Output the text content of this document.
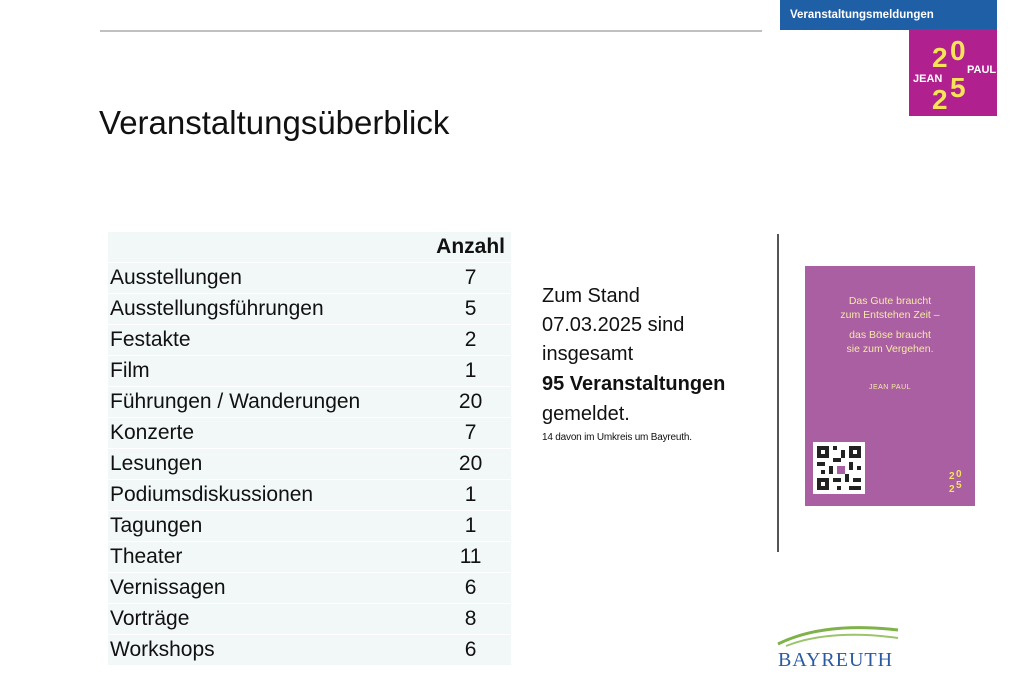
Veranstaltungsmeldungen
2 0
2 5
JEAN
PAUL
Veranstaltungsüberblick
	Anzahl
Ausstellungen	7
Ausstellungsführungen	5
Festakte	2
Film	1
Führungen / Wanderungen	20
Konzerte	7
Lesungen	20
Podiumsdiskussionen	1
Tagungen	1
Theater	11
Vernissagen	6
Vorträge	8
Workshops	6
Zum Stand
07.03.2025 sind
insgesamt
95 Veranstaltungen
gemeldet.
14 davon im Umkreis um Bayreuth.
Das Gute braucht
zum Entstehen Zeit –
das Böse braucht
sie zum Vergehen.
JEAN PAUL
2 0
2 5
BAYREUTH
